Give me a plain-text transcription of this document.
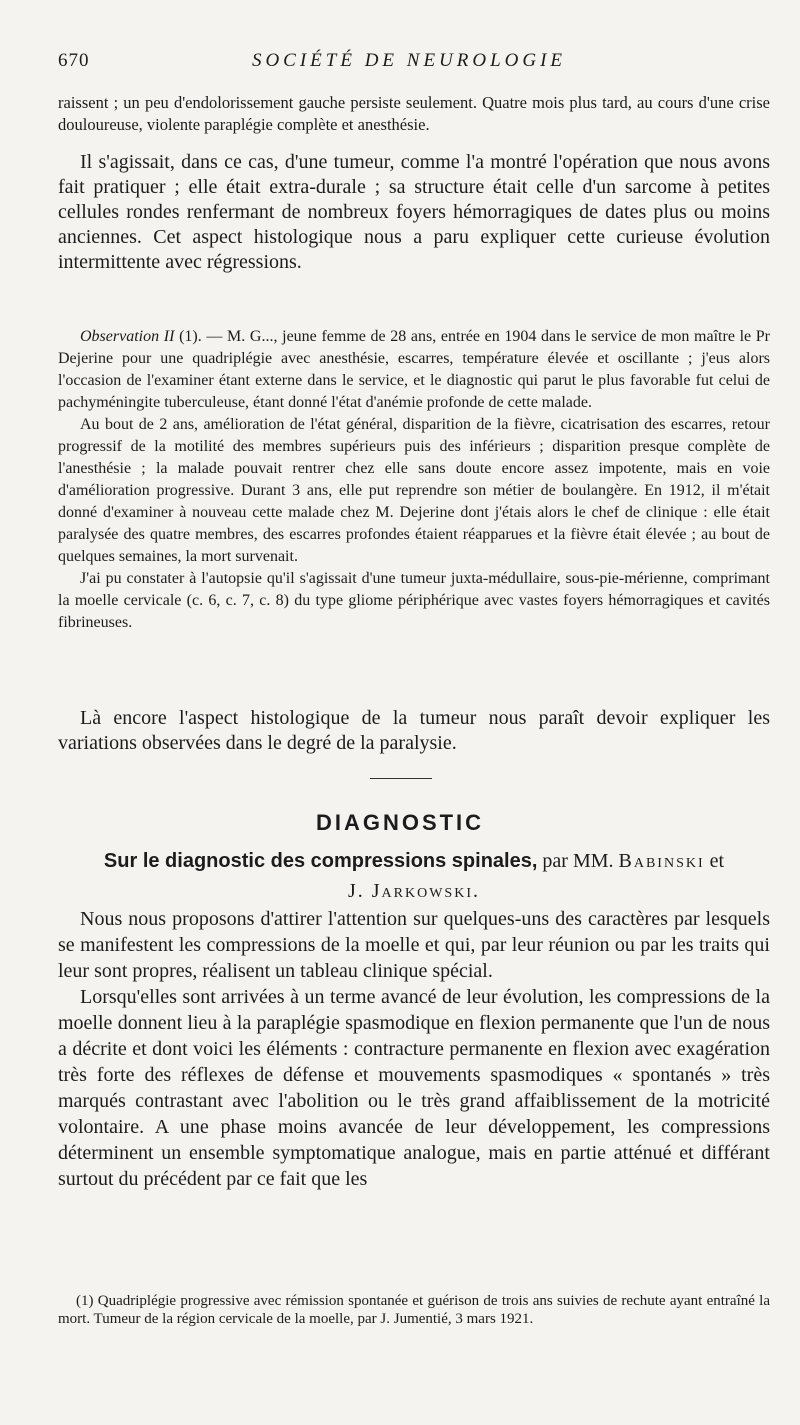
670	SOCIÉTÉ DE NEUROLOGIE

raissent ; un peu d'endolorissement gauche persiste seulement. Quatre mois plus tard, au cours d'une crise douloureuse, violente paraplégie complète et anesthésie.

Il s'agissait, dans ce cas, d'une tumeur, comme l'a montré l'opération que nous avons fait pratiquer ; elle était extra-durale ; sa structure était celle d'un sarcome à petites cellules rondes renfermant de nombreux foyers hémorragiques de dates plus ou moins anciennes. Cet aspect histologique nous a paru expliquer cette curieuse évolution intermittente avec régressions.

Observation II (1). — M. G..., jeune femme de 28 ans, entrée en 1904 dans le service de mon maître le Pr Dejerine pour une quadriplégie avec anesthésie, escarres, température élevée et oscillante ; j'eus alors l'occasion de l'examiner étant externe dans le service, et le diagnostic qui parut le plus favorable fut celui de pachyméningite tuberculeuse, étant donné l'état d'anémie profonde de cette malade.

Au bout de 2 ans, amélioration de l'état général, disparition de la fièvre, cicatrisation des escarres, retour progressif de la motilité des membres supérieurs puis des inférieurs ; disparition presque complète de l'anesthésie ; la malade pouvait rentrer chez elle sans doute encore assez impotente, mais en voie d'amélioration progressive. Durant 3 ans, elle put reprendre son métier de boulangère. En 1912, il m'était donné d'examiner à nouveau cette malade chez M. Dejerine dont j'étais alors le chef de clinique : elle était paralysée des quatre membres, des escarres profondes étaient réapparues et la fièvre était élevée ; au bout de quelques semaines, la mort survenait.

J'ai pu constater à l'autopsie qu'il s'agissait d'une tumeur juxta-médullaire, sous-pie-mérienne, comprimant la moelle cervicale (c. 6, c. 7, c. 8) du type gliome périphérique avec vastes foyers hémorragiques et cavités fibrineuses.

Là encore l'aspect histologique de la tumeur nous paraît devoir expliquer les variations observées dans le degré de la paralysie.

DIAGNOSTIC
Sur le diagnostic des compressions spinales, par MM. Babinski et
J. Jarkowski.

Nous nous proposons d'attirer l'attention sur quelques-uns des caractères par lesquels se manifestent les compressions de la moelle et qui, par leur réunion ou par les traits qui leur sont propres, réalisent un tableau clinique spécial.

Lorsqu'elles sont arrivées à un terme avancé de leur évolution, les compressions de la moelle donnent lieu à la paraplégie spasmodique en flexion permanente que l'un de nous a décrite et dont voici les éléments : contracture permanente en flexion avec exagération très forte des réflexes de défense et mouvements spasmodiques « spontanés » très marqués contrastant avec l'abolition ou le très grand affaiblissement de la motricité volontaire. A une phase moins avancée de leur développement, les compressions déterminent un ensemble symptomatique analogue, mais en partie atténué et différant surtout du précédent par ce fait que les

(1) Quadriplégie progressive avec rémission spontanée et guérison de trois ans suivies de rechute ayant entraîné la mort. Tumeur de la région cervicale de la moelle, par J. Jumentié, 3 mars 1921.
